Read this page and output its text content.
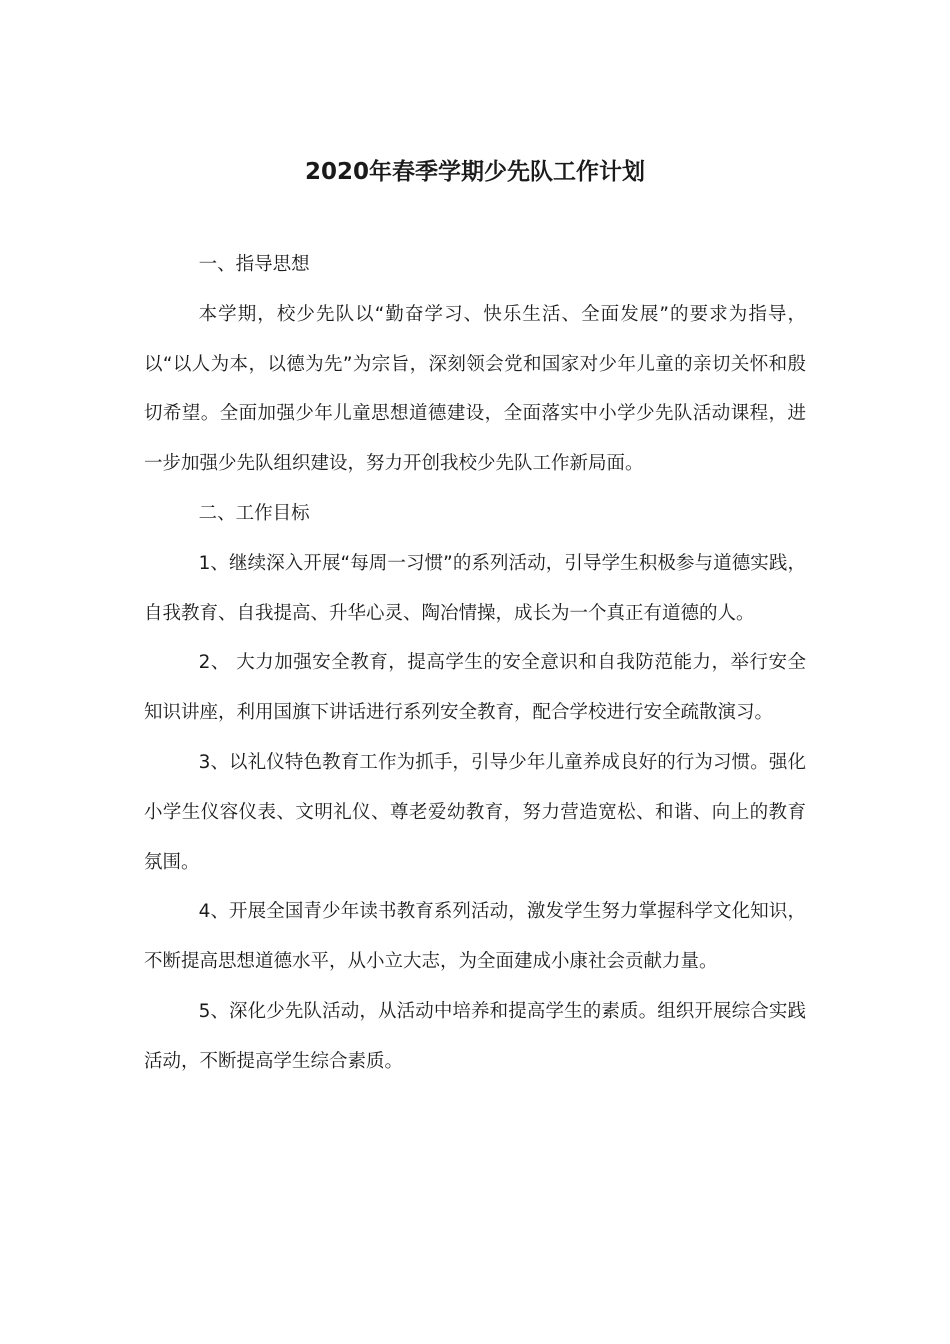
2020年春季学期少先队工作计划

一、指导思想

本学期，校少先队以“勤奋学习、快乐生活、全面发展”的要求为指导，以“以人为本，以德为先”为宗旨，深刻领会党和国家对少年儿童的亲切关怀和殷切希望。全面加强少年儿童思想道德建设，全面落实中小学少先队活动课程，进一步加强少先队组织建设，努力开创我校少先队工作新局面。

二、工作目标

1、继续深入开展“每周一习惯”的系列活动，引导学生积极参与道德实践，自我教育、自我提高、升华心灵、陶冶情操，成长为一个真正有道德的人。

2、 大力加强安全教育，提高学生的安全意识和自我防范能力，举行安全知识讲座，利用国旗下讲话进行系列安全教育，配合学校进行安全疏散演习。

3、以礼仪特色教育工作为抓手，引导少年儿童养成良好的行为习惯。强化小学生仪容仪表、文明礼仪、尊老爱幼教育，努力营造宽松、和谐、向上的教育氛围。

4、开展全国青少年读书教育系列活动，激发学生努力掌握科学文化知识，不断提高思想道德水平，从小立大志，为全面建成小康社会贡献力量。

5、深化少先队活动，从活动中培养和提高学生的素质。组织开展综合实践活动，不断提高学生综合素质。
